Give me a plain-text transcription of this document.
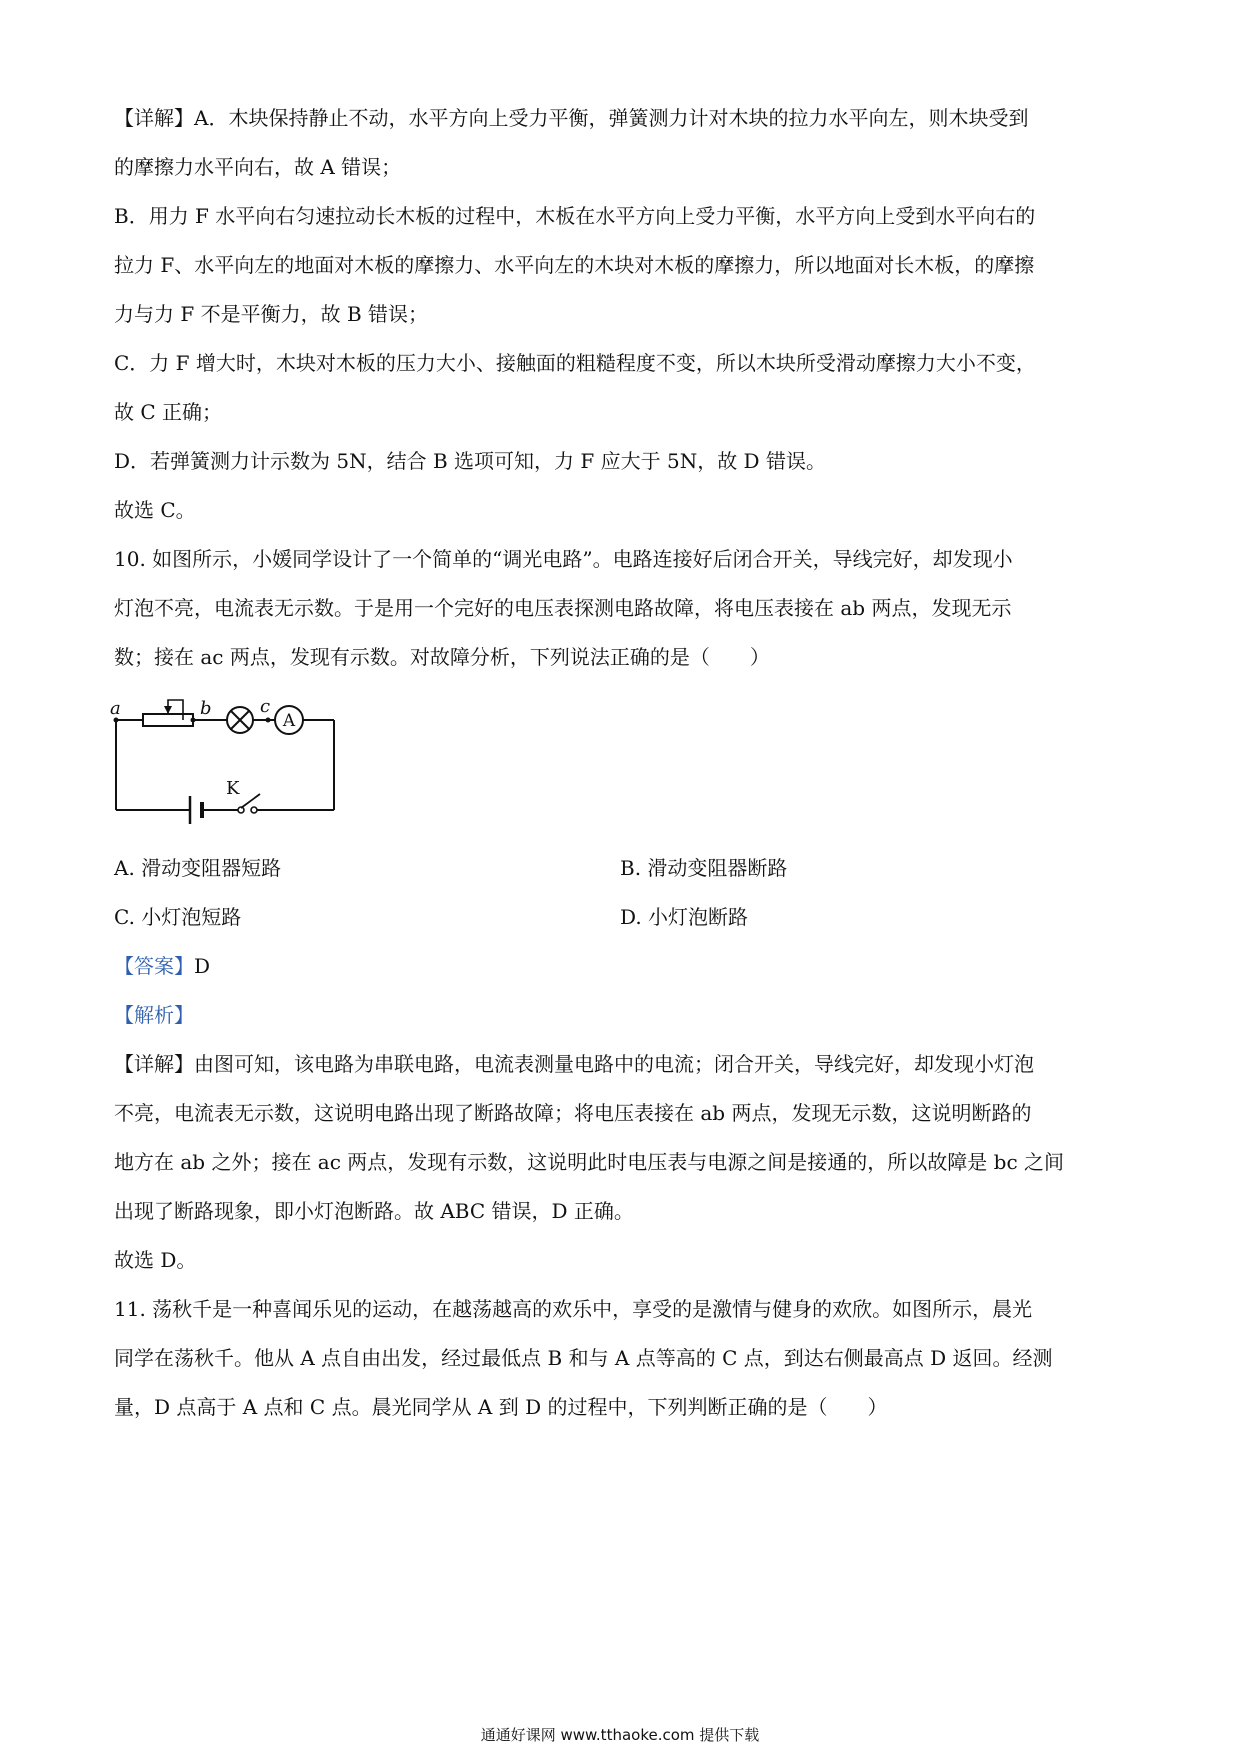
【详解】A．木块保持静止不动，水平方向上受力平衡，弹簧测力计对木块的拉力水平向左，则木块受到
的摩擦力水平向右，故 A 错误；
B．用力 F 水平向右匀速拉动长木板的过程中，木板在水平方向上受力平衡，水平方向上受到水平向右的
拉力 F、水平向左的地面对木板的摩擦力、水平向左的木块对木板的摩擦力，所以地面对长木板，的摩擦
力与力 F 不是平衡力，故 B 错误；
C．力 F 增大时，木块对木板的压力大小、接触面的粗糙程度不变，所以木块所受滑动摩擦力大小不变，
故 C 正确；
D．若弹簧测力计示数为 5N，结合 B 选项可知，力 F 应大于 5N，故 D 错误。
故选 C。
10. 如图所示，小媛同学设计了一个简单的“调光电路”。电路连接好后闭合开关，导线完好，却发现小
灯泡不亮，电流表无示数。于是用一个完好的电压表探测电路故障，将电压表接在 ab 两点，发现无示
数；接在 ac 两点，发现有示数。对故障分析，下列说法正确的是（　　）
A
K
a	b	c
A. 滑动变阻器短路	B. 滑动变阻器断路
C. 小灯泡短路	D. 小灯泡断路
【答案】D
【解析】
【详解】由图可知，该电路为串联电路，电流表测量电路中的电流；闭合开关，导线完好，却发现小灯泡
不亮，电流表无示数，这说明电路出现了断路故障；将电压表接在 ab 两点，发现无示数，这说明断路的
地方在 ab 之外；接在 ac 两点，发现有示数，这说明此时电压表与电源之间是接通的，所以故障是 bc 之间
出现了断路现象，即小灯泡断路。故 ABC 错误，D 正确。
故选 D。
11. 荡秋千是一种喜闻乐见的运动，在越荡越高的欢乐中，享受的是激情与健身的欢欣。如图所示，晨光
同学在荡秋千。他从 A 点自由出发，经过最低点 B 和与 A 点等高的 C 点，到达右侧最高点 D 返回。经测
量，D 点高于 A 点和 C 点。晨光同学从 A 到 D 的过程中，下列判断正确的是（　　）
通通好课网 www.tthaoke.com 提供下载
